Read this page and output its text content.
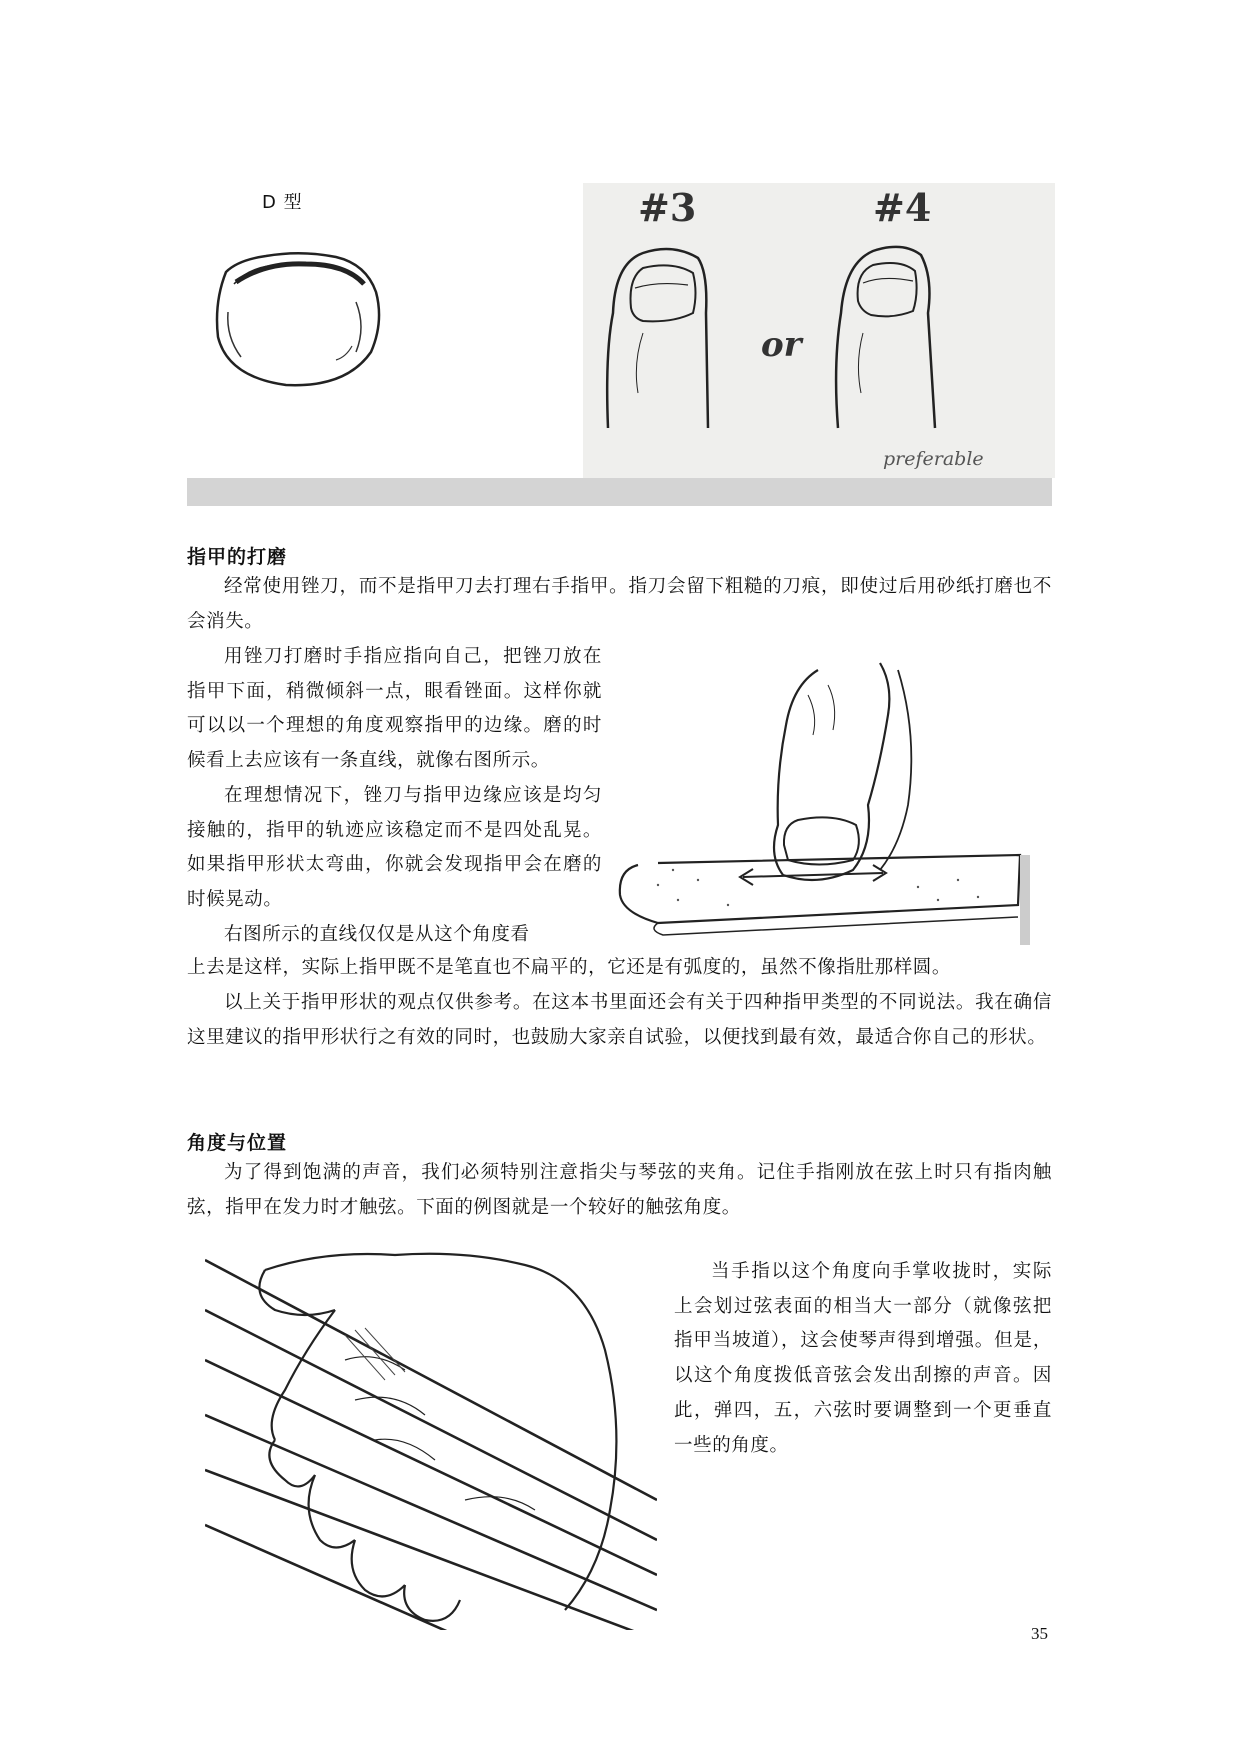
D 型	#3	#4
or
preferable
指甲的打磨
经常使用锉刀，而不是指甲刀去打理右手指甲。指刀会留下粗糙的刀痕，即使过后用砂纸打磨也不会消失。
用锉刀打磨时手指应指向自己，把锉刀放在指甲下面，稍微倾斜一点，眼看锉面。这样你就可以以一个理想的角度观察指甲的边缘。磨的时候看上去应该有一条直线，就像右图所示。
在理想情况下，锉刀与指甲边缘应该是均匀接触的，指甲的轨迹应该稳定而不是四处乱晃。如果指甲形状太弯曲，你就会发现指甲会在磨的时候晃动。
右图所示的直线仅仅是从这个角度看
上去是这样，实际上指甲既不是笔直也不扁平的，它还是有弧度的，虽然不像指肚那样圆。
以上关于指甲形状的观点仅供参考。在这本书里面还会有关于四种指甲类型的不同说法。我在确信这里建议的指甲形状行之有效的同时，也鼓励大家亲自试验，以便找到最有效，最适合你自己的形状。
角度与位置
为了得到饱满的声音，我们必须特别注意指尖与琴弦的夹角。记住手指刚放在弦上时只有指肉触弦，指甲在发力时才触弦。下面的例图就是一个较好的触弦角度。
当手指以这个角度向手掌收拢时，实际上会划过弦表面的相当大一部分（就像弦把指甲当坡道），这会使琴声得到增强。但是，以这个角度拨低音弦会发出刮擦的声音。因此，弹四，五，六弦时要调整到一个更垂直一些的角度。
35
